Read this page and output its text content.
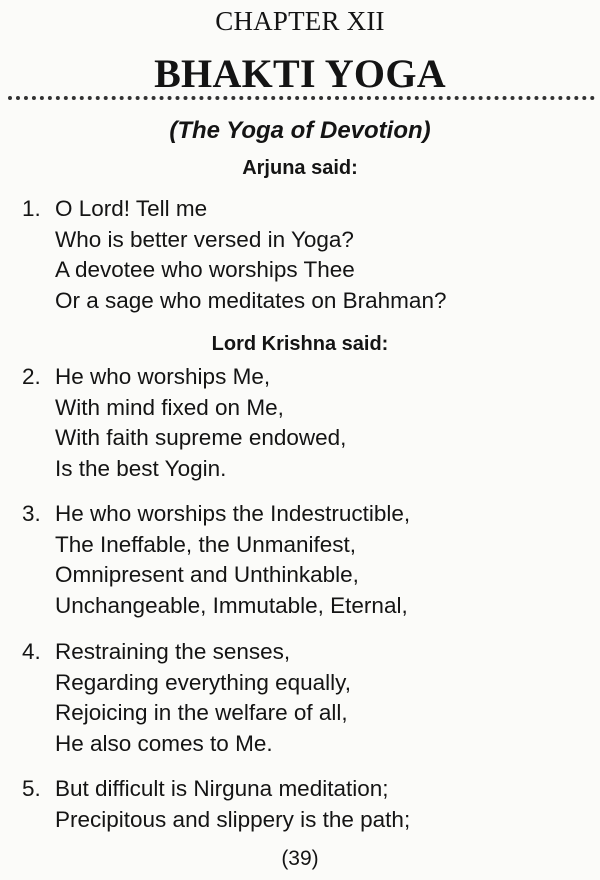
CHAPTER XII
BHAKTI YOGA
(The Yoga of Devotion)
Arjuna said:
1. O Lord! Tell me
Who is better versed in Yoga?
A devotee who worships Thee
Or a sage who meditates on Brahman?
Lord Krishna said:
2. He who worships Me,
With mind fixed on Me,
With faith supreme endowed,
Is the best Yogin.
3. He who worships the Indestructible,
The Ineffable, the Unmanifest,
Omnipresent and Unthinkable,
Unchangeable, Immutable, Eternal,
4. Restraining the senses,
Regarding everything equally,
Rejoicing in the welfare of all,
He also comes to Me.
5. But difficult is Nirguna meditation;
Precipitous and slippery is the path;
(39)
